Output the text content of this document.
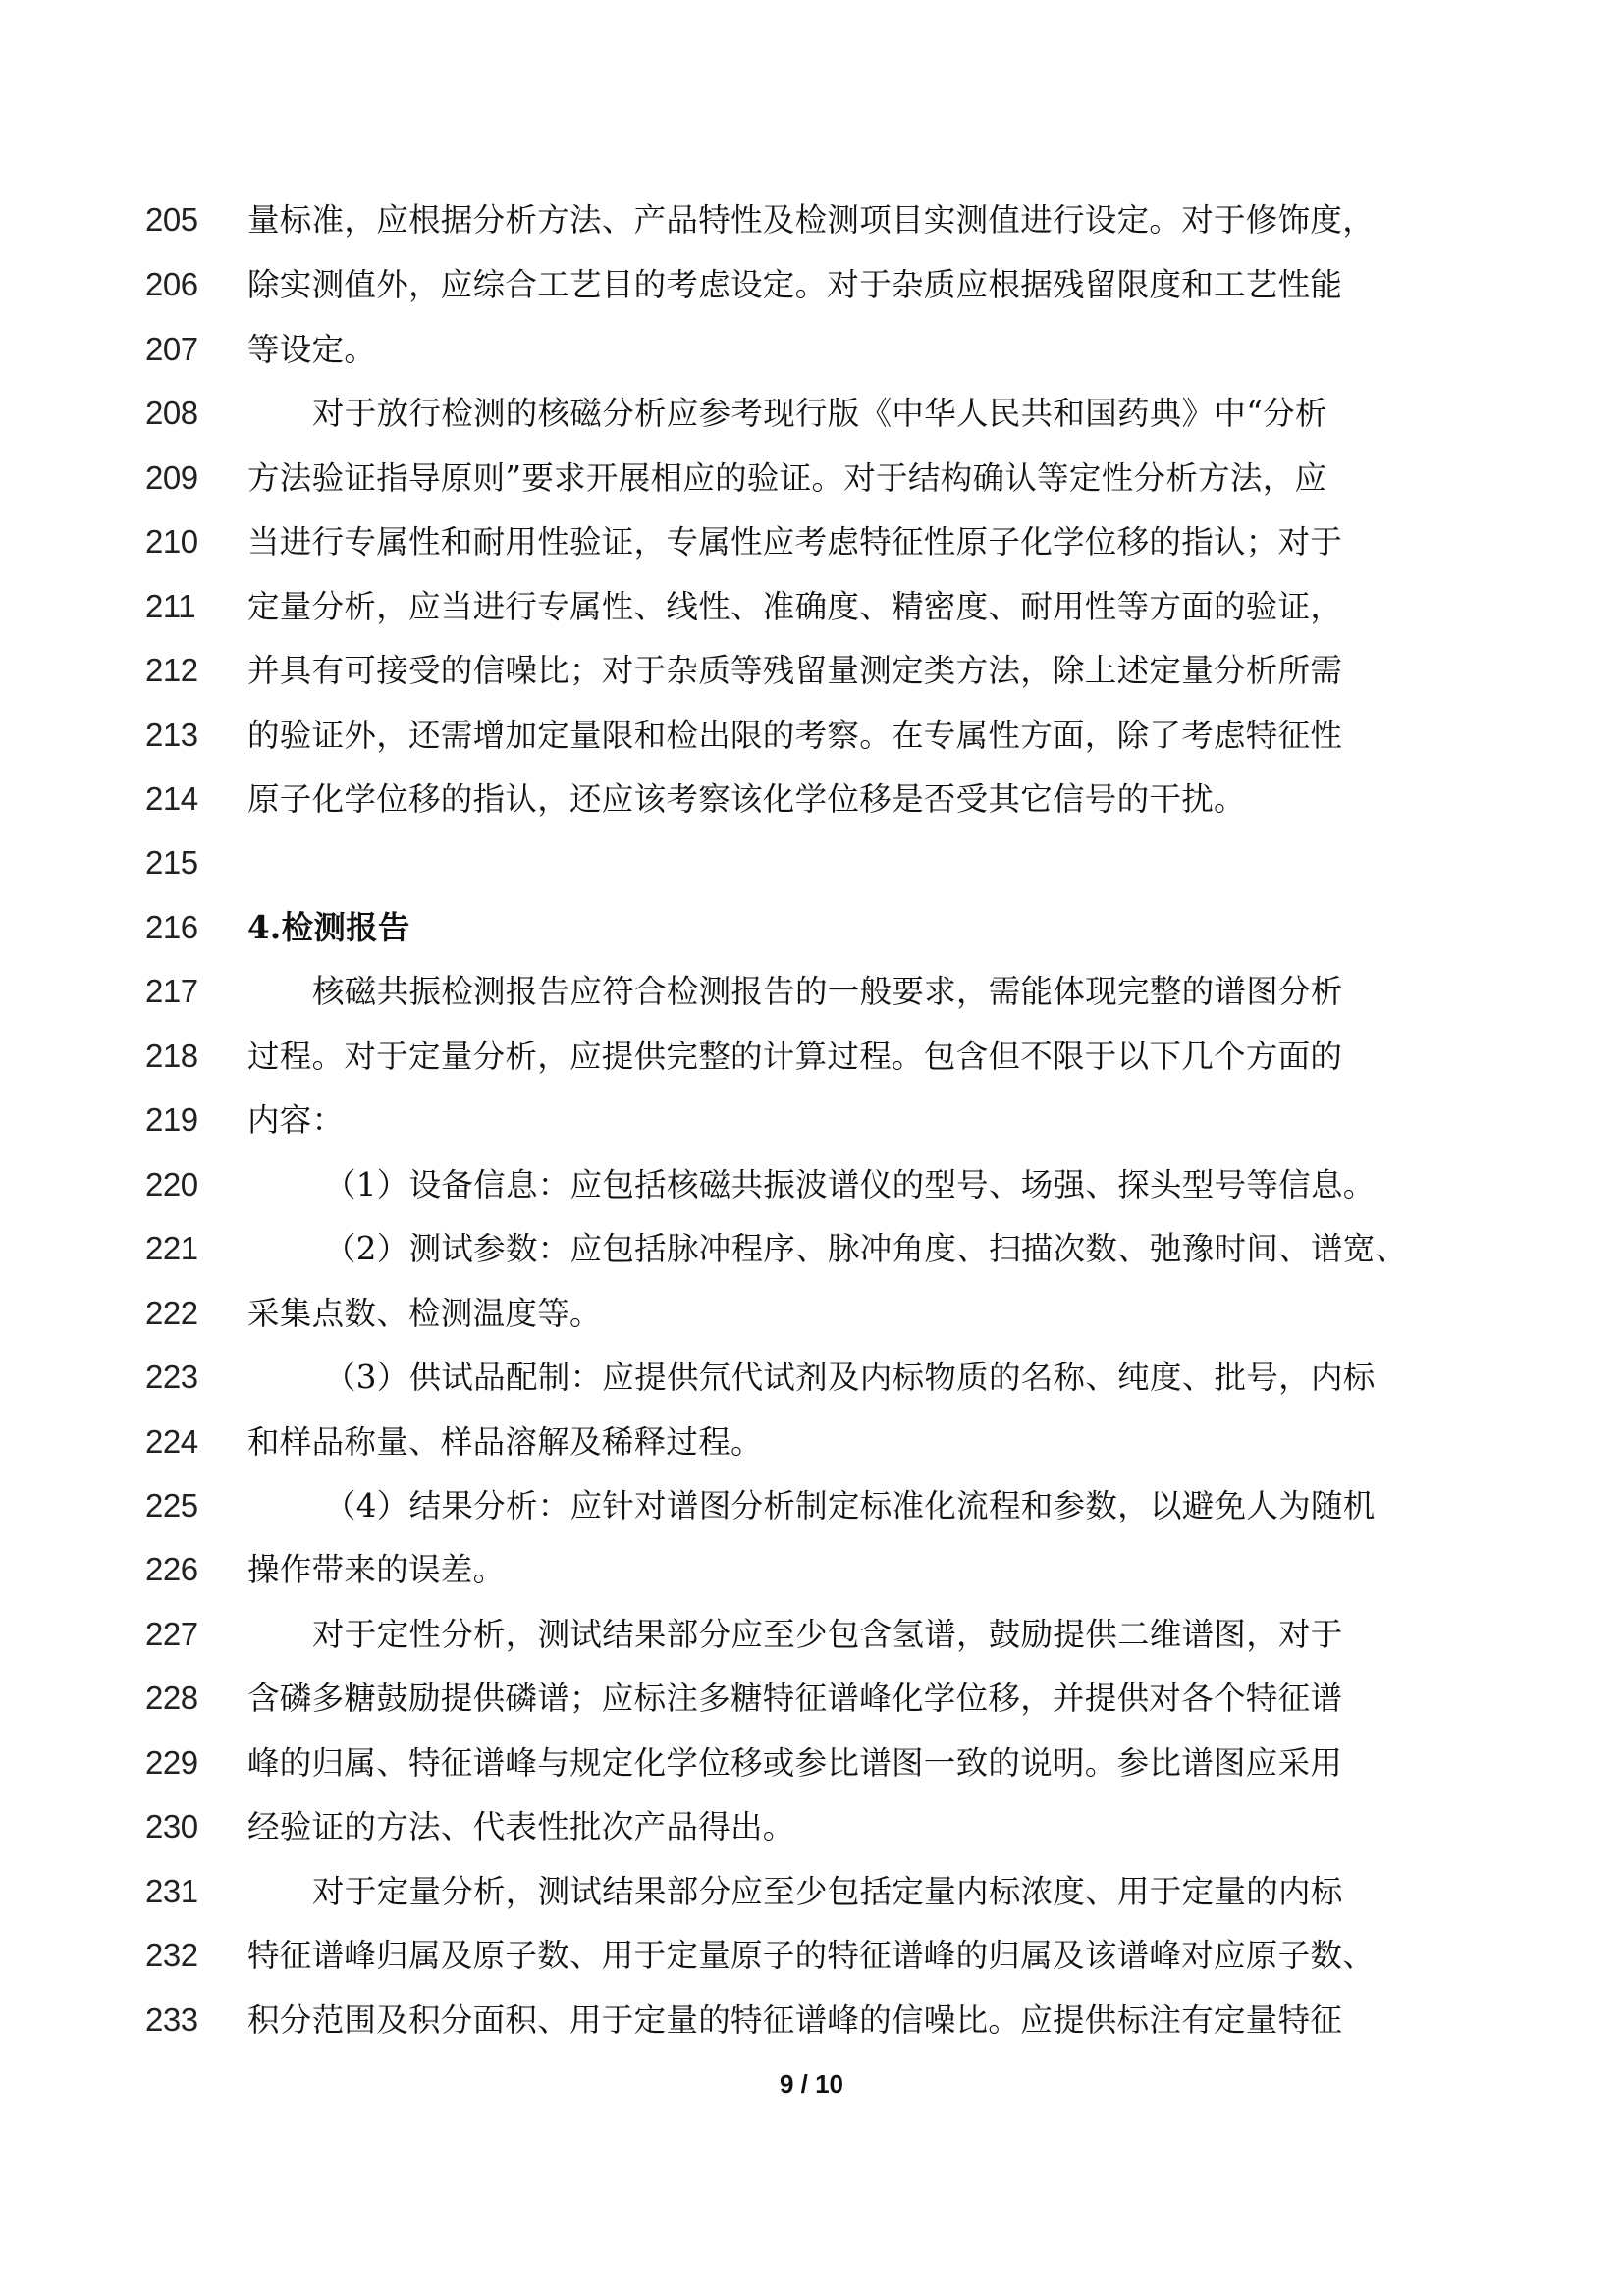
205	量标准，应根据分析方法、产品特性及检测项目实测值进行设定。对于修饰度，
206	除实测值外，应综合工艺目的考虑设定。对于杂质应根据残留限度和工艺性能
207	等设定。
208	对于放行检测的核磁分析应参考现行版《中华人民共和国药典》中“分析
209	方法验证指导原则”要求开展相应的验证。对于结构确认等定性分析方法，应
210	当进行专属性和耐用性验证，专属性应考虑特征性原子化学位移的指认；对于
211	定量分析，应当进行专属性、线性、准确度、精密度、耐用性等方面的验证，
212	并具有可接受的信噪比；对于杂质等残留量测定类方法，除上述定量分析所需
213	的验证外，还需增加定量限和检出限的考察。在专属性方面，除了考虑特征性
214	原子化学位移的指认，还应该考察该化学位移是否受其它信号的干扰。
215
216	4.检测报告
217	核磁共振检测报告应符合检测报告的一般要求，需能体现完整的谱图分析
218	过程。对于定量分析，应提供完整的计算过程。包含但不限于以下几个方面的
219	内容：
220	（1）设备信息：应包括核磁共振波谱仪的型号、场强、探头型号等信息。
221	（2）测试参数：应包括脉冲程序、脉冲角度、扫描次数、弛豫时间、谱宽、
222	采集点数、检测温度等。
223	（3）供试品配制：应提供氘代试剂及内标物质的名称、纯度、批号，内标
224	和样品称量、样品溶解及稀释过程。
225	（4）结果分析：应针对谱图分析制定标准化流程和参数，以避免人为随机
226	操作带来的误差。
227	对于定性分析，测试结果部分应至少包含氢谱，鼓励提供二维谱图，对于
228	含磷多糖鼓励提供磷谱；应标注多糖特征谱峰化学位移，并提供对各个特征谱
229	峰的归属、特征谱峰与规定化学位移或参比谱图一致的说明。参比谱图应采用
230	经验证的方法、代表性批次产品得出。
231	对于定量分析，测试结果部分应至少包括定量内标浓度、用于定量的内标
232	特征谱峰归属及原子数、用于定量原子的特征谱峰的归属及该谱峰对应原子数、
233	积分范围及积分面积、用于定量的特征谱峰的信噪比。应提供标注有定量特征
9 / 10
